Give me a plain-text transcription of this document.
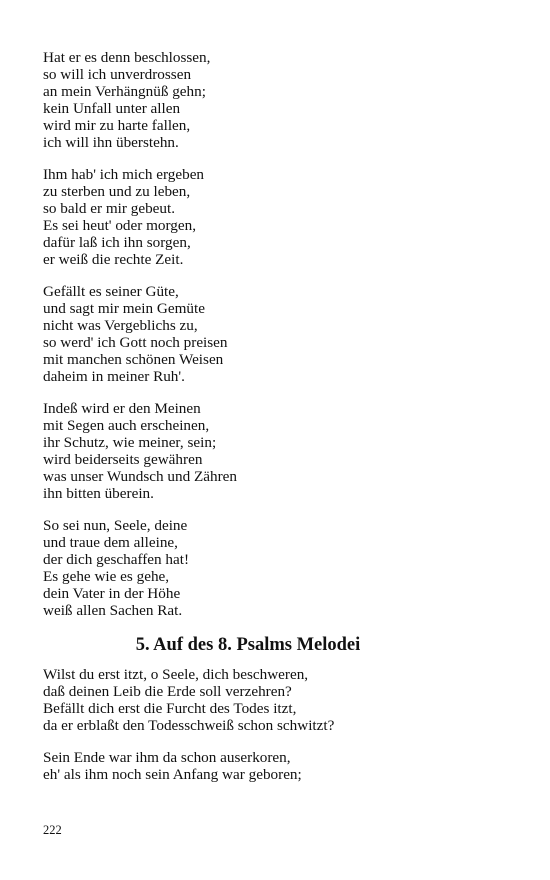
Hat er es denn beschlossen,
so will ich unverdrossen
an mein Verhängnüß gehn;
kein Unfall unter allen
wird mir zu harte fallen,
ich will ihn überstehn.
Ihm hab' ich mich ergeben
zu sterben und zu leben,
so bald er mir gebeut.
Es sei heut' oder morgen,
dafür laß ich ihn sorgen,
er weiß die rechte Zeit.
Gefällt es seiner Güte,
und sagt mir mein Gemüte
nicht was Vergeblichs zu,
so werd' ich Gott noch preisen
mit manchen schönen Weisen
daheim in meiner Ruh'.
Indeß wird er den Meinen
mit Segen auch erscheinen,
ihr Schutz, wie meiner, sein;
wird beiderseits gewähren
was unser Wundsch und Zähren
ihn bitten überein.
So sei nun, Seele, deine
und traue dem alleine,
der dich geschaffen hat!
Es gehe wie es gehe,
dein Vater in der Höhe
weiß allen Sachen Rat.
5. Auf des 8. Psalms Melodei
Wilst du erst itzt, o Seele, dich beschweren,
daß deinen Leib die Erde soll verzehren?
Befällt dich erst die Furcht des Todes itzt,
da er erblaßt den Todesschweiß schon schwitzt?
Sein Ende war ihm da schon auserkoren,
eh' als ihm noch sein Anfang war geboren;
222
